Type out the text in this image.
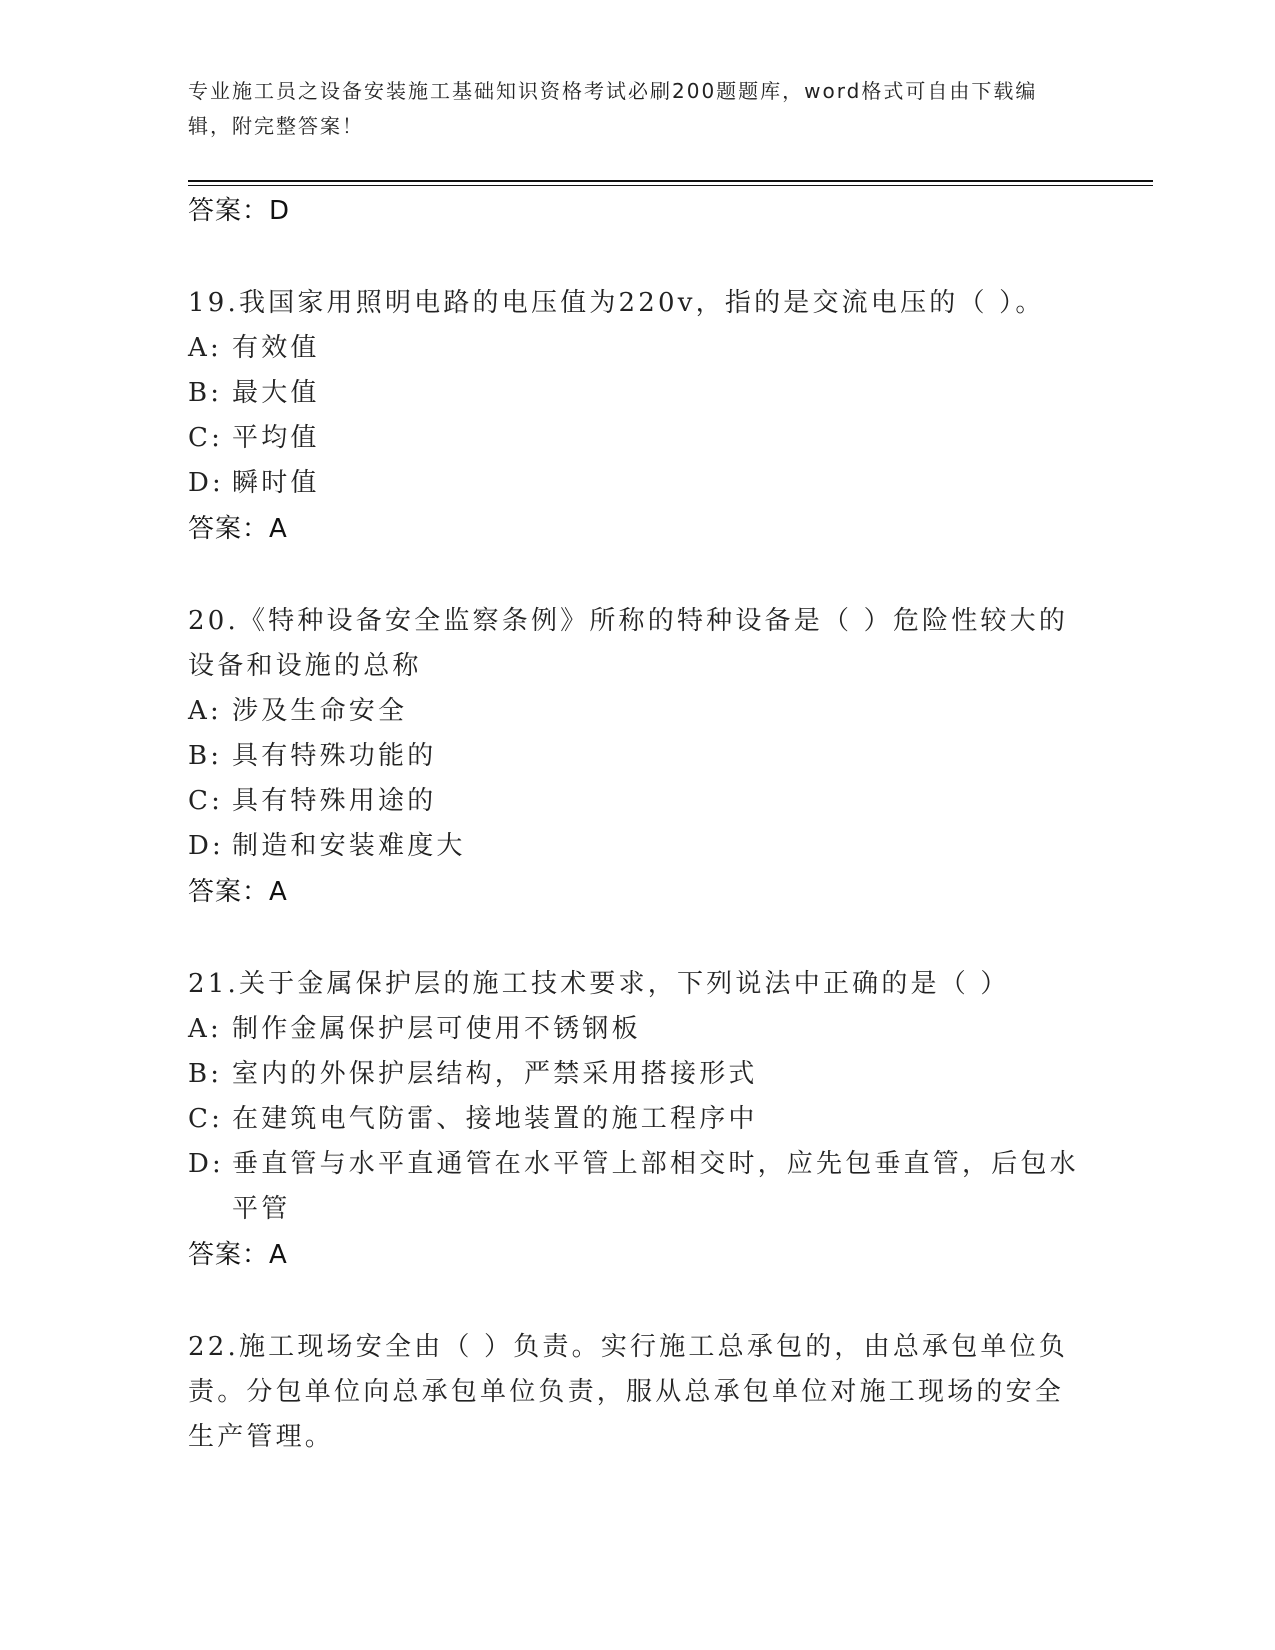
专业施工员之设备安装施工基础知识资格考试必刷200题题库，word格式可自由下载编辑，附完整答案！
答案：D
19.我国家用照明电路的电压值为220v，指的是交流电压的（ ）。
A: 有效值
B: 最大值
C: 平均值
D: 瞬时值
答案：A
20.《特种设备安全监察条例》所称的特种设备是（ ）危险性较大的设备和设施的总称
A: 涉及生命安全
B: 具有特殊功能的
C: 具有特殊用途的
D: 制造和安装难度大
答案：A
21.关于金属保护层的施工技术要求，下列说法中正确的是（ ）
A: 制作金属保护层可使用不锈钢板
B: 室内的外保护层结构，严禁采用搭接形式
C: 在建筑电气防雷、接地装置的施工程序中
D: 垂直管与水平直通管在水平管上部相交时，应先包垂直管，后包水平管
答案：A
22.施工现场安全由（ ）负责。实行施工总承包的，由总承包单位负责。分包单位向总承包单位负责，服从总承包单位对施工现场的安全生产管理。
